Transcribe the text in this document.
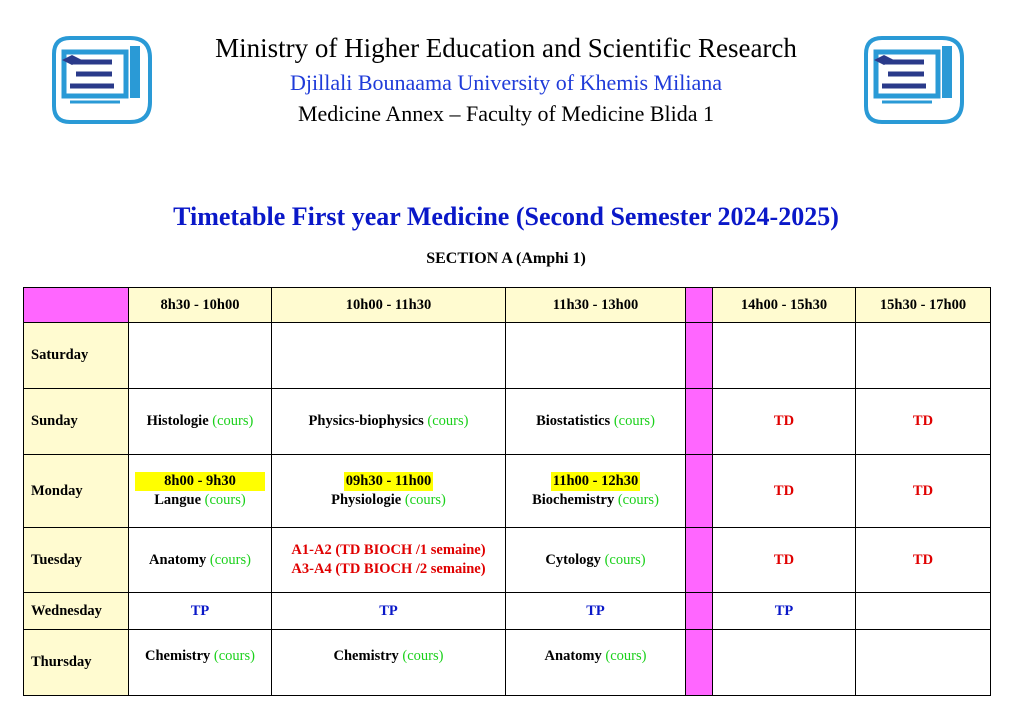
Ministry of Higher Education and Scientific Research
Djillali Bounaama University of Khemis Miliana
Medicine Annex – Faculty of Medicine Blida 1
Timetable First year Medicine (Second Semester 2024-2025)
SECTION A (Amphi 1)
	8h30 - 10h00	10h00 - 11h30	11h30 - 13h00		14h00 - 15h30	15h30 - 17h00
Saturday						
Sunday	Histologie (cours)	Physics-biophysics (cours)	Biostatistics (cours)		TD	TD
Monday	8h00 - 9h30
Langue (cours)	09h30 - 11h00
Physiologie (cours)	11h00 - 12h30
Biochemistry (cours)		TD	TD
Tuesday	Anatomy (cours)	A1-A2 (TD BIOCH /1 semaine)
A3-A4 (TD BIOCH /2 semaine)	Cytology (cours)		TD	TD
Wednesday	TP	TP	TP		TP	
Thursday	Chemistry (cours)	Chemistry (cours)	Anatomy (cours)			
